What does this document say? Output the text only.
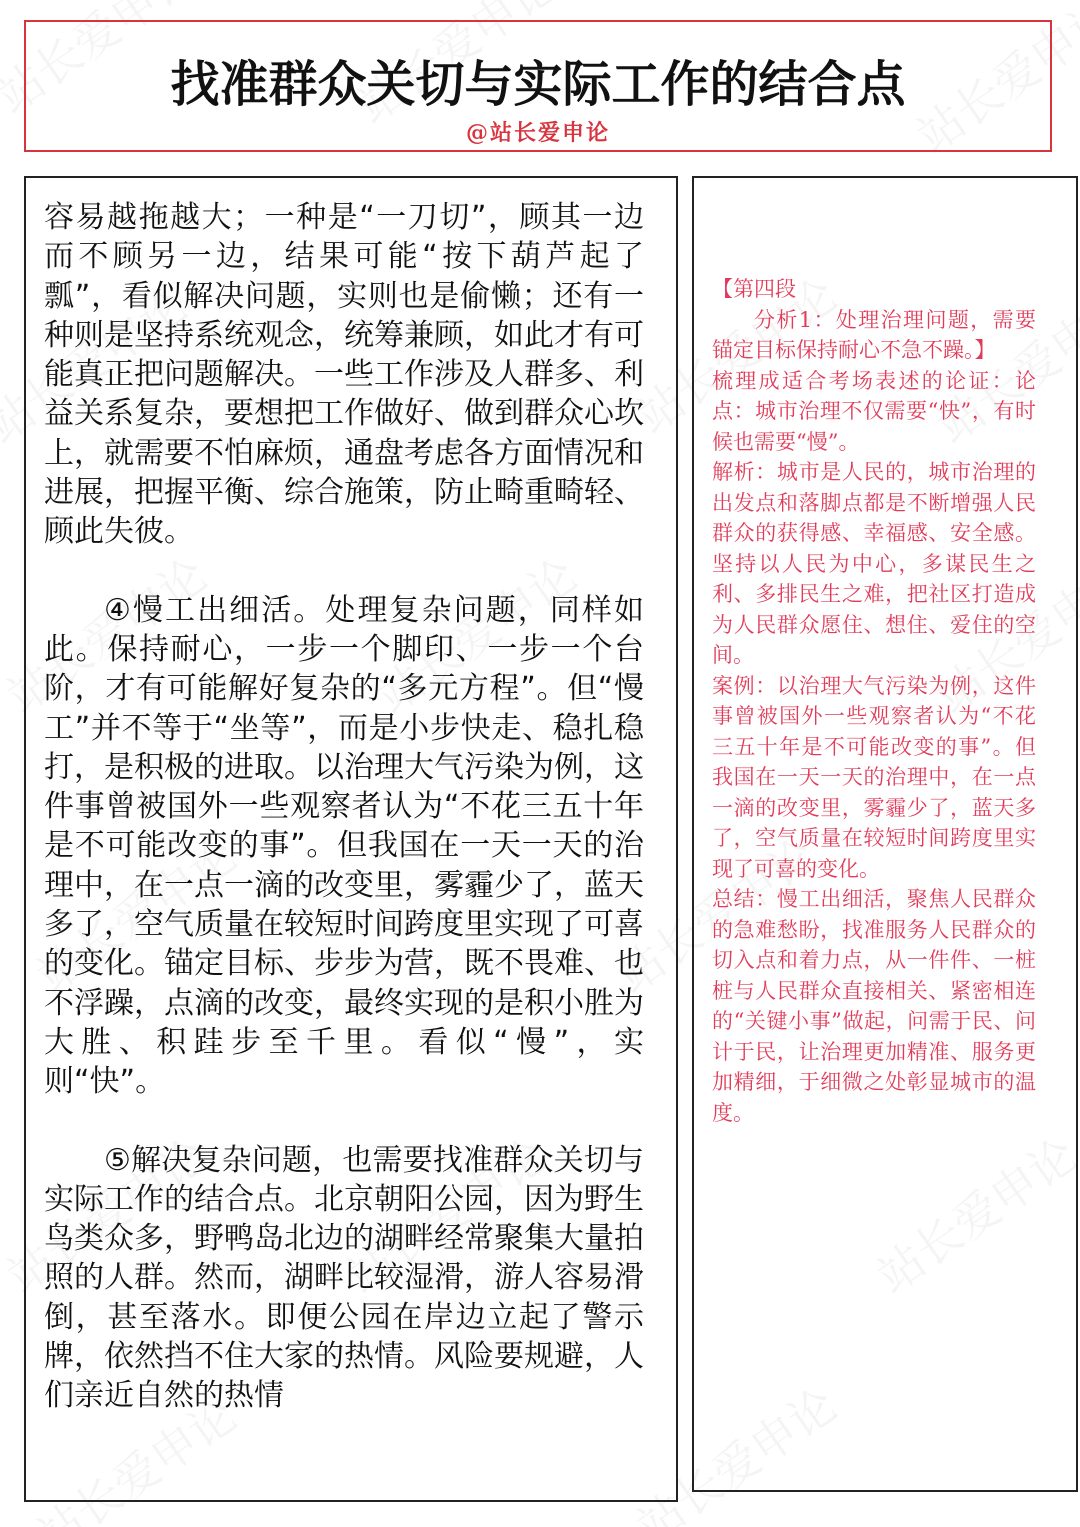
找准群众关切与实际工作的结合点
@站长爱申论

容易越拖越大；一种是“一刀切”，顾其一边而不顾另一边，结果可能“按下葫芦起了瓢”，看似解决问题，实则也是偷懒；还有一种则是坚持系统观念，统筹兼顾，如此才有可能真正把问题解决。一些工作涉及人群多、利益关系复杂，要想把工作做好、做到群众心坎上，就需要不怕麻烦，通盘考虑各方面情况和进展，把握平衡、综合施策，防止畸重畸轻、顾此失彼。

④慢工出细活。处理复杂问题，同样如此。保持耐心，一步一个脚印、一步一个台阶，才有可能解好复杂的“多元方程”。但“慢工”并不等于“坐等”，而是小步快走、稳扎稳打，是积极的进取。以治理大气污染为例，这件事曾被国外一些观察者认为“不花三五十年是不可能改变的事”。但我国在一天一天的治理中，在一点一滴的改变里，雾霾少了，蓝天多了，空气质量在较短时间跨度里实现了可喜的变化。锚定目标、步步为营，既不畏难、也不浮躁，点滴的改变，最终实现的是积小胜为大胜、积跬步至千里。看似“慢”，实则“快”。

⑤解决复杂问题，也需要找准群众关切与实际工作的结合点。北京朝阳公园，因为野生鸟类众多，野鸭岛北边的湖畔经常聚集大量拍照的人群。然而，湖畔比较湿滑，游人容易滑倒，甚至落水。即便公园在岸边立起了警示牌，依然挡不住大家的热情。风险要规避，人们亲近自然的热情

【第四段

分析1：处理治理问题，需要锚定目标保持耐心不急不躁。】

梳理成适合考场表述的论证：论点：城市治理不仅需要“快”，有时候也需要“慢”。

解析：城市是人民的，城市治理的出发点和落脚点都是不断增强人民群众的获得感、幸福感、安全感。坚持以人民为中心，多谋民生之利、多排民生之难，把社区打造成为人民群众愿住、想住、爱住的空间。

案例：以治理大气污染为例，这件事曾被国外一些观察者认为“不花三五十年是不可能改变的事”。但我国在一天一天的治理中，在一点一滴的改变里，雾霾少了，蓝天多了，空气质量在较短时间跨度里实现了可喜的变化。

总结：慢工出细活，聚焦人民群众的急难愁盼，找准服务人民群众的切入点和着力点，从一件件、一桩桩与人民群众直接相关、紧密相连的“关键小事”做起，问需于民、问计于民，让治理更加精准、服务更加精细，于细微之处彰显城市的温度。
